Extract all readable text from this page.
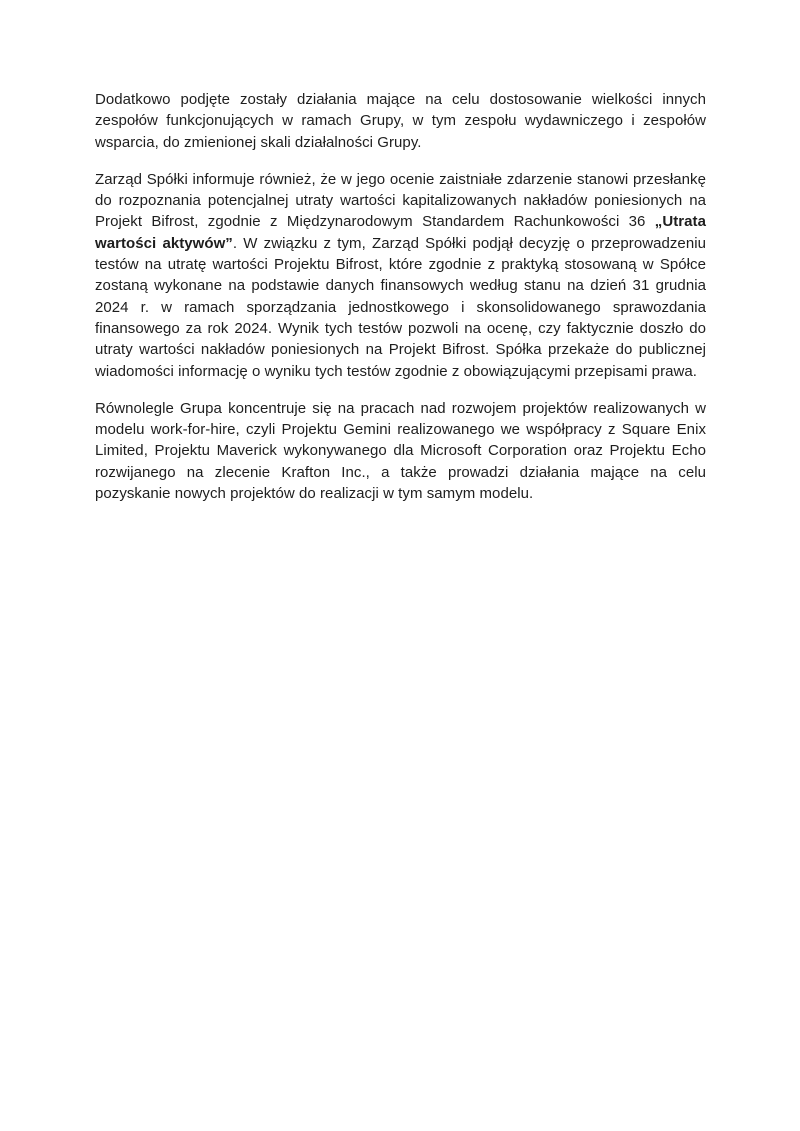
Dodatkowo podjęte zostały działania mające na celu dostosowanie wielkości innych zespołów funkcjonujących w ramach Grupy, w tym zespołu wydawniczego i zespołów wsparcia, do zmienionej skali działalności Grupy.

Zarząd Spółki informuje również, że w jego ocenie zaistniałe zdarzenie stanowi przesłankę do rozpoznania potencjalnej utraty wartości kapitalizowanych nakładów poniesionych na Projekt Bifrost, zgodnie z Międzynarodowym Standardem Rachunkowości 36 „Utrata wartości aktywów”. W związku z tym, Zarząd Spółki podjął decyzję o przeprowadzeniu testów na utratę wartości Projektu Bifrost, które zgodnie z praktyką stosowaną w Spółce zostaną wykonane na podstawie danych finansowych według stanu na dzień 31 grudnia 2024 r. w ramach sporządzania jednostkowego i skonsolidowanego sprawozdania finansowego za rok 2024. Wynik tych testów pozwoli na ocenę, czy faktycznie doszło do utraty wartości nakładów poniesionych na Projekt Bifrost. Spółka przekaże do publicznej wiadomości informację o wyniku tych testów zgodnie z obowiązującymi przepisami prawa.

Równolegle Grupa koncentruje się na pracach nad rozwojem projektów realizowanych w modelu work-for-hire, czyli Projektu Gemini realizowanego we współpracy z Square Enix Limited, Projektu Maverick wykonywanego dla Microsoft Corporation oraz Projektu Echo rozwijanego na zlecenie Krafton Inc., a także prowadzi działania mające na celu pozyskanie nowych projektów do realizacji w tym samym modelu.
